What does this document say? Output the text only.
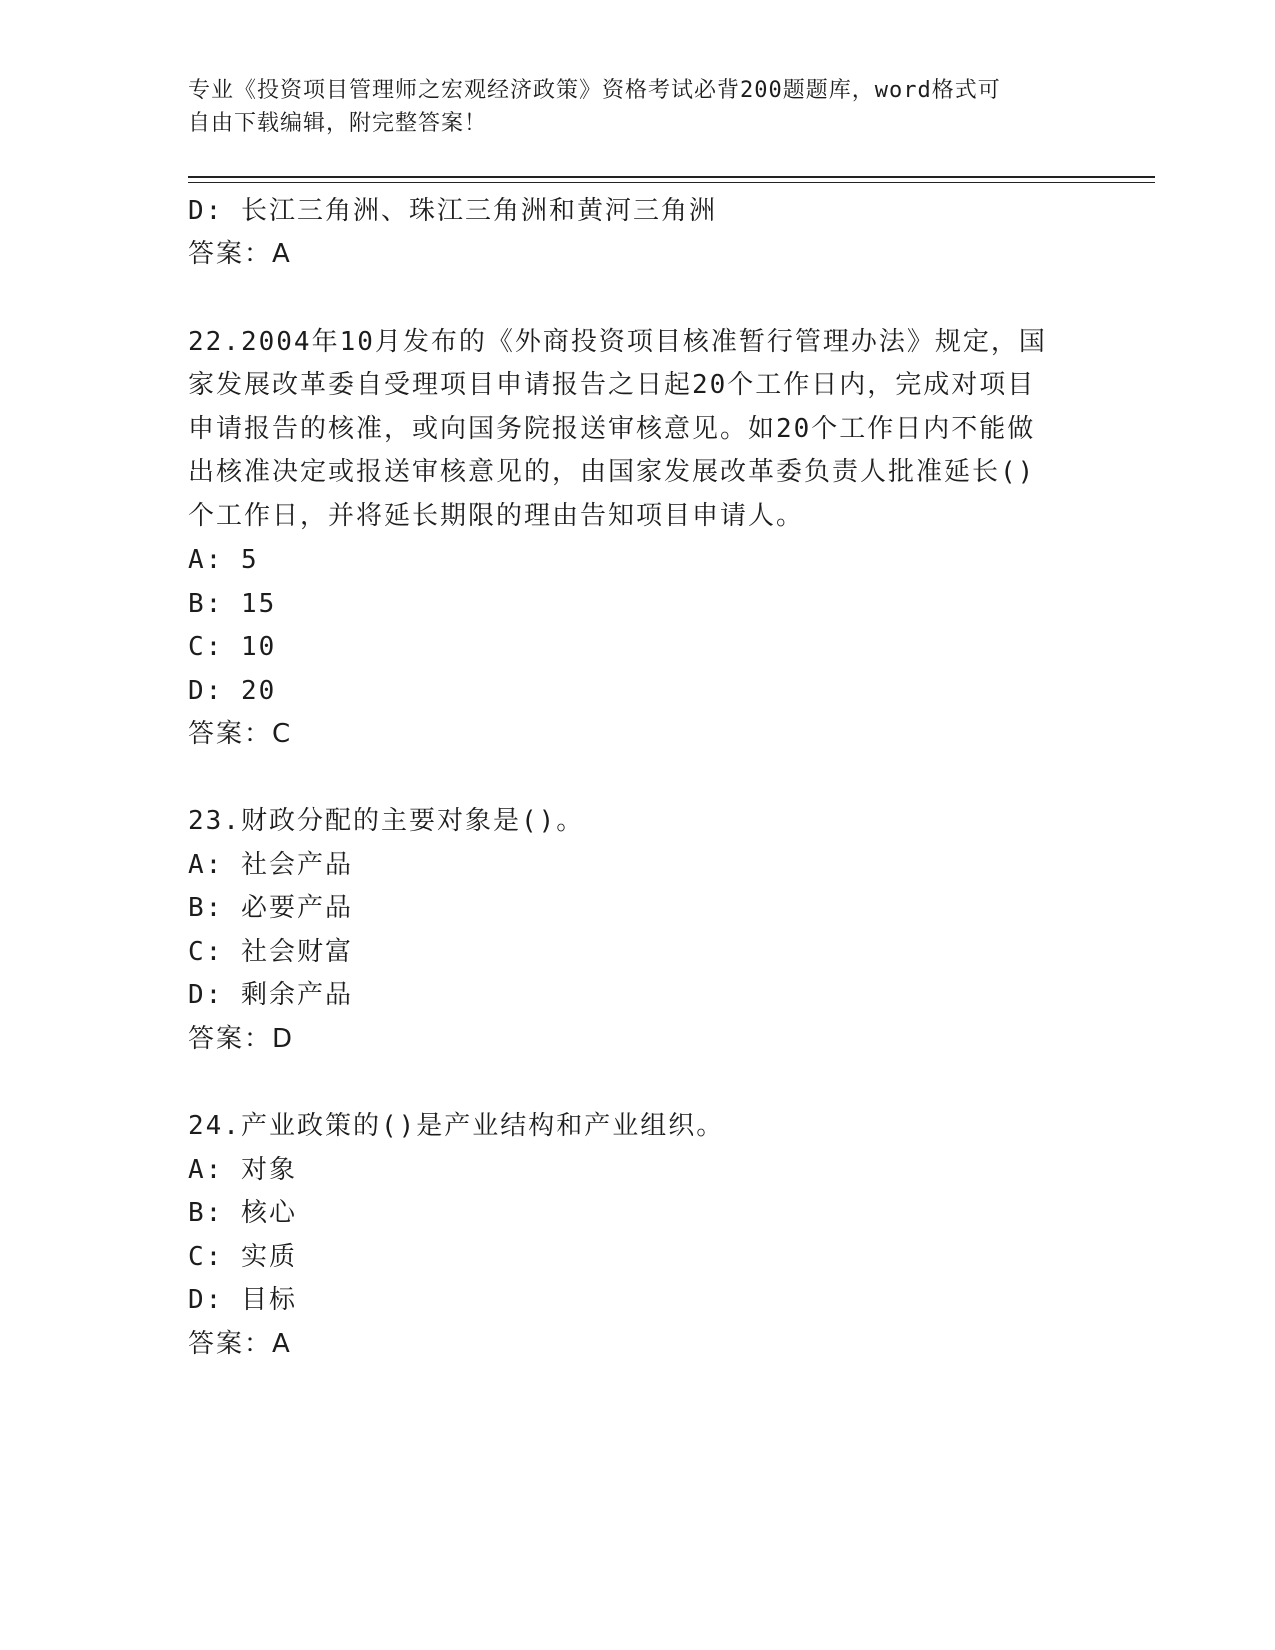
专业《投资项目管理师之宏观经济政策》资格考试必背200题题库，word格式可
自由下载编辑，附完整答案！
D: 长江三角洲、珠江三角洲和黄河三角洲
答案：A
22.2004年10月发布的《外商投资项目核准暂行管理办法》规定，国
家发展改革委自受理项目申请报告之日起20个工作日内，完成对项目
申请报告的核准，或向国务院报送审核意见。如20个工作日内不能做
出核准决定或报送审核意见的，由国家发展改革委负责人批准延长()
个工作日，并将延长期限的理由告知项目申请人。
A: 5
B: 15
C: 10
D: 20
答案：C
23.财政分配的主要对象是()。
A: 社会产品
B: 必要产品
C: 社会财富
D: 剩余产品
答案：D
24.产业政策的()是产业结构和产业组织。
A: 对象
B: 核心
C: 实质
D: 目标
答案：A
